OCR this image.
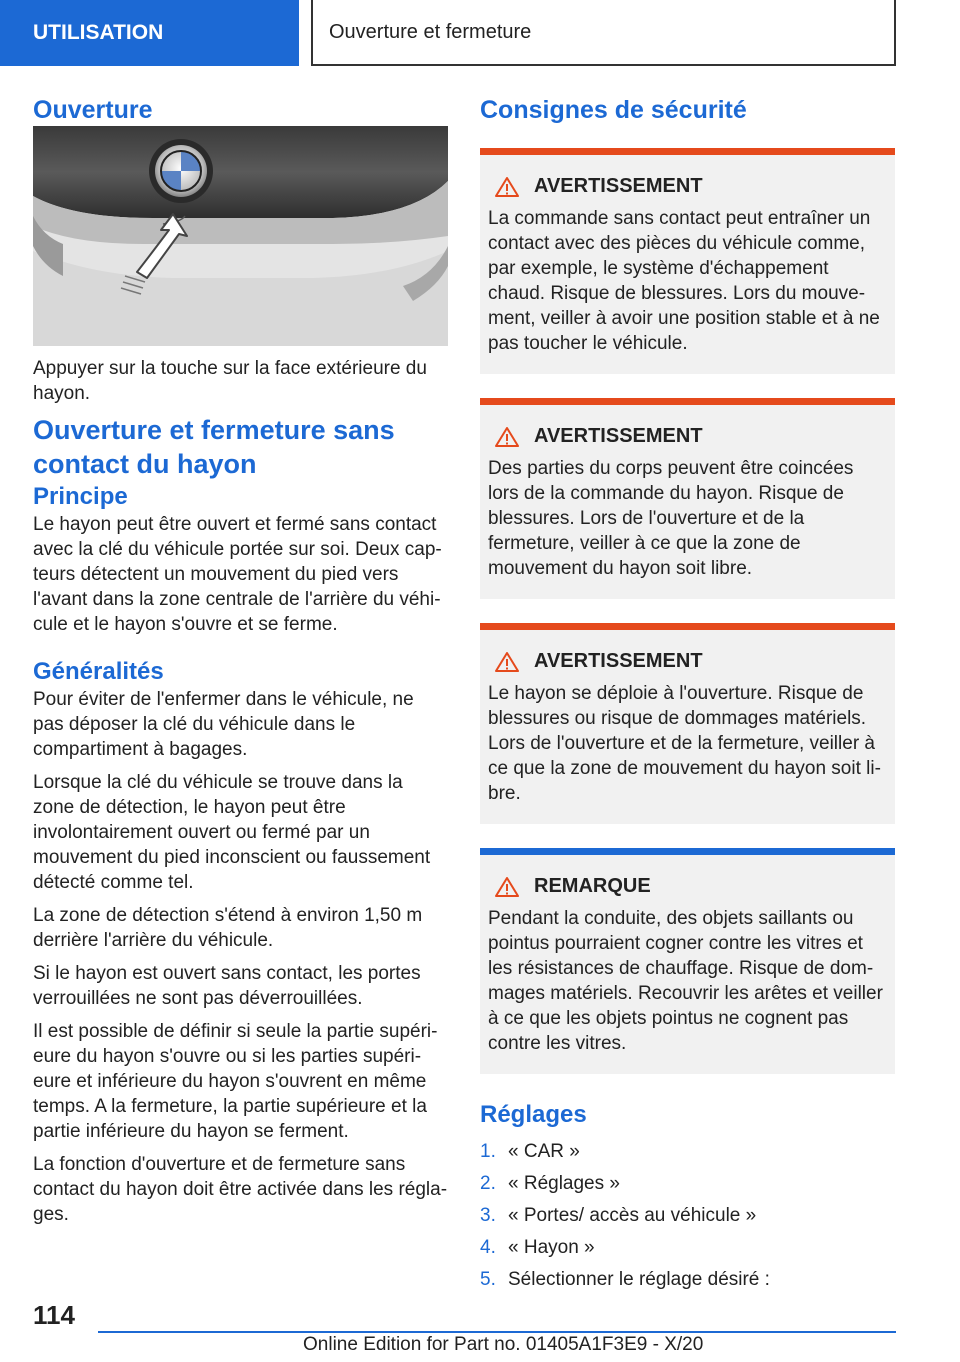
UTILISATION	Ouverture et fermeture
Ouverture

Appuyer sur la touche sur la face extérieure du hayon.

Ouverture et fermeture sans contact du hayon
Principe

Le hayon peut être ouvert et fermé sans contact avec la clé du véhicule portée sur soi. Deux capteurs détectent un mouvement du pied vers l'avant dans la zone centrale de l'arrière du véhicule et le hayon s'ouvre et se ferme.

Généralités

Pour éviter de l'enfermer dans le véhicule, ne pas déposer la clé du véhicule dans le compartiment à bagages.

Lorsque la clé du véhicule se trouve dans la zone de détection, le hayon peut être involontairement ouvert ou fermé par un mouvement du pied inconscient ou faussement détecté comme tel.

La zone de détection s'étend à environ 1,50 m derrière l'arrière du véhicule.

Si le hayon est ouvert sans contact, les portes verrouillées ne sont pas déverrouillées.

Il est possible de définir si seule la partie supérieure du hayon s'ouvre ou si les parties supérieure et inférieure du hayon s'ouvrent en même temps. A la fermeture, la partie supérieure et la partie inférieure du hayon se ferment.

La fonction d'ouverture et de fermeture sans contact du hayon doit être activée dans les réglages.

Consignes de sécurité
AVERTISSEMENT

La commande sans contact peut entraîner un contact avec des pièces du véhicule comme, par exemple, le système d'échappement chaud. Risque de blessures. Lors du mouvement, veiller à avoir une position stable et à ne pas toucher le véhicule.

AVERTISSEMENT

Des parties du corps peuvent être coincées lors de la commande du hayon. Risque de blessures. Lors de l'ouverture et de la fermeture, veiller à ce que la zone de mouvement du hayon soit libre.

AVERTISSEMENT

Le hayon se déploie à l'ouverture. Risque de blessures ou risque de dommages matériels. Lors de l'ouverture et de la fermeture, veiller à ce que la zone de mouvement du hayon soit libre.

REMARQUE

Pendant la conduite, des objets saillants ou pointus pourraient cogner contre les vitres et les résistances de chauffage. Risque de dommages matériels. Recouvrir les arêtes et veiller à ce que les objets pointus ne cognent pas contre les vitres.

Réglages
1. « CAR »
2. « Réglages »
3. « Portes/ accès au véhicule »
4. « Hayon »
5. Sélectionner le réglage désiré :
114
Online Edition for Part no. 01405A1F3E9 - X/20
